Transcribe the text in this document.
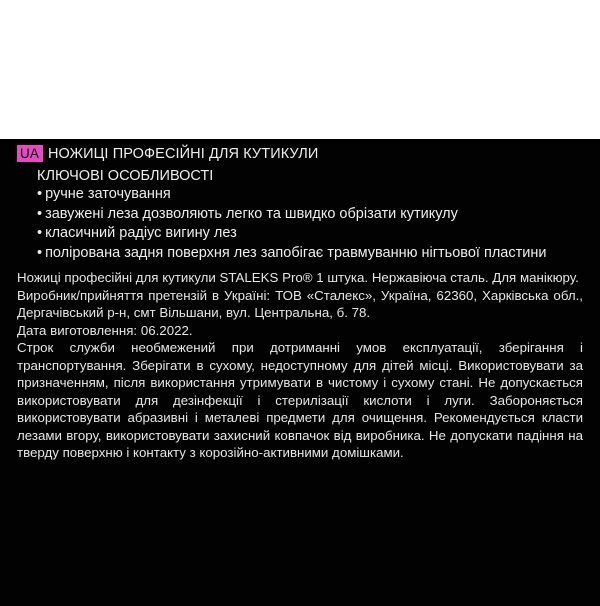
UA НОЖИЦІ ПРОФЕСІЙНІ ДЛЯ КУТИКУЛИ
КЛЮЧОВІ ОСОБЛИВОСТІ
• ручне заточування
• завужені леза дозволяють легко та швидко обрізати кутикулу
• класичний радіус вигину лез
• полірована задня поверхня лез запобігає травмуванню нігтьової пластини

Ножиці професійні для кутикули STALEKS Pro® 1 штука. Нержавіюча сталь. Для манікюру.

Виробник/прийняття претензій в Україні: ТОВ «Сталекс», Україна, 62360, Харківська обл., Дергачівський р-н, смт Вільшани, вул. Центральна, б. 78.

Дата виготовлення: 06.2022.

Строк служби необмежений при дотриманні умов експлуатації, зберігання і транспортування. Зберігати в сухому, недоступному для дітей місці. Використовувати за призначенням, після використання утримувати в чистому і сухому стані. Не допускається використовувати для дезінфекції і стерилізації кислоти і луги. Забороняється використовувати абразивні і металеві предмети для очищення. Рекомендується класти лезами вгору, використовувати захисний ковпачок від виробника. Не допускати падіння на тверду поверхню і контакту з корозійно-активними домішками.
